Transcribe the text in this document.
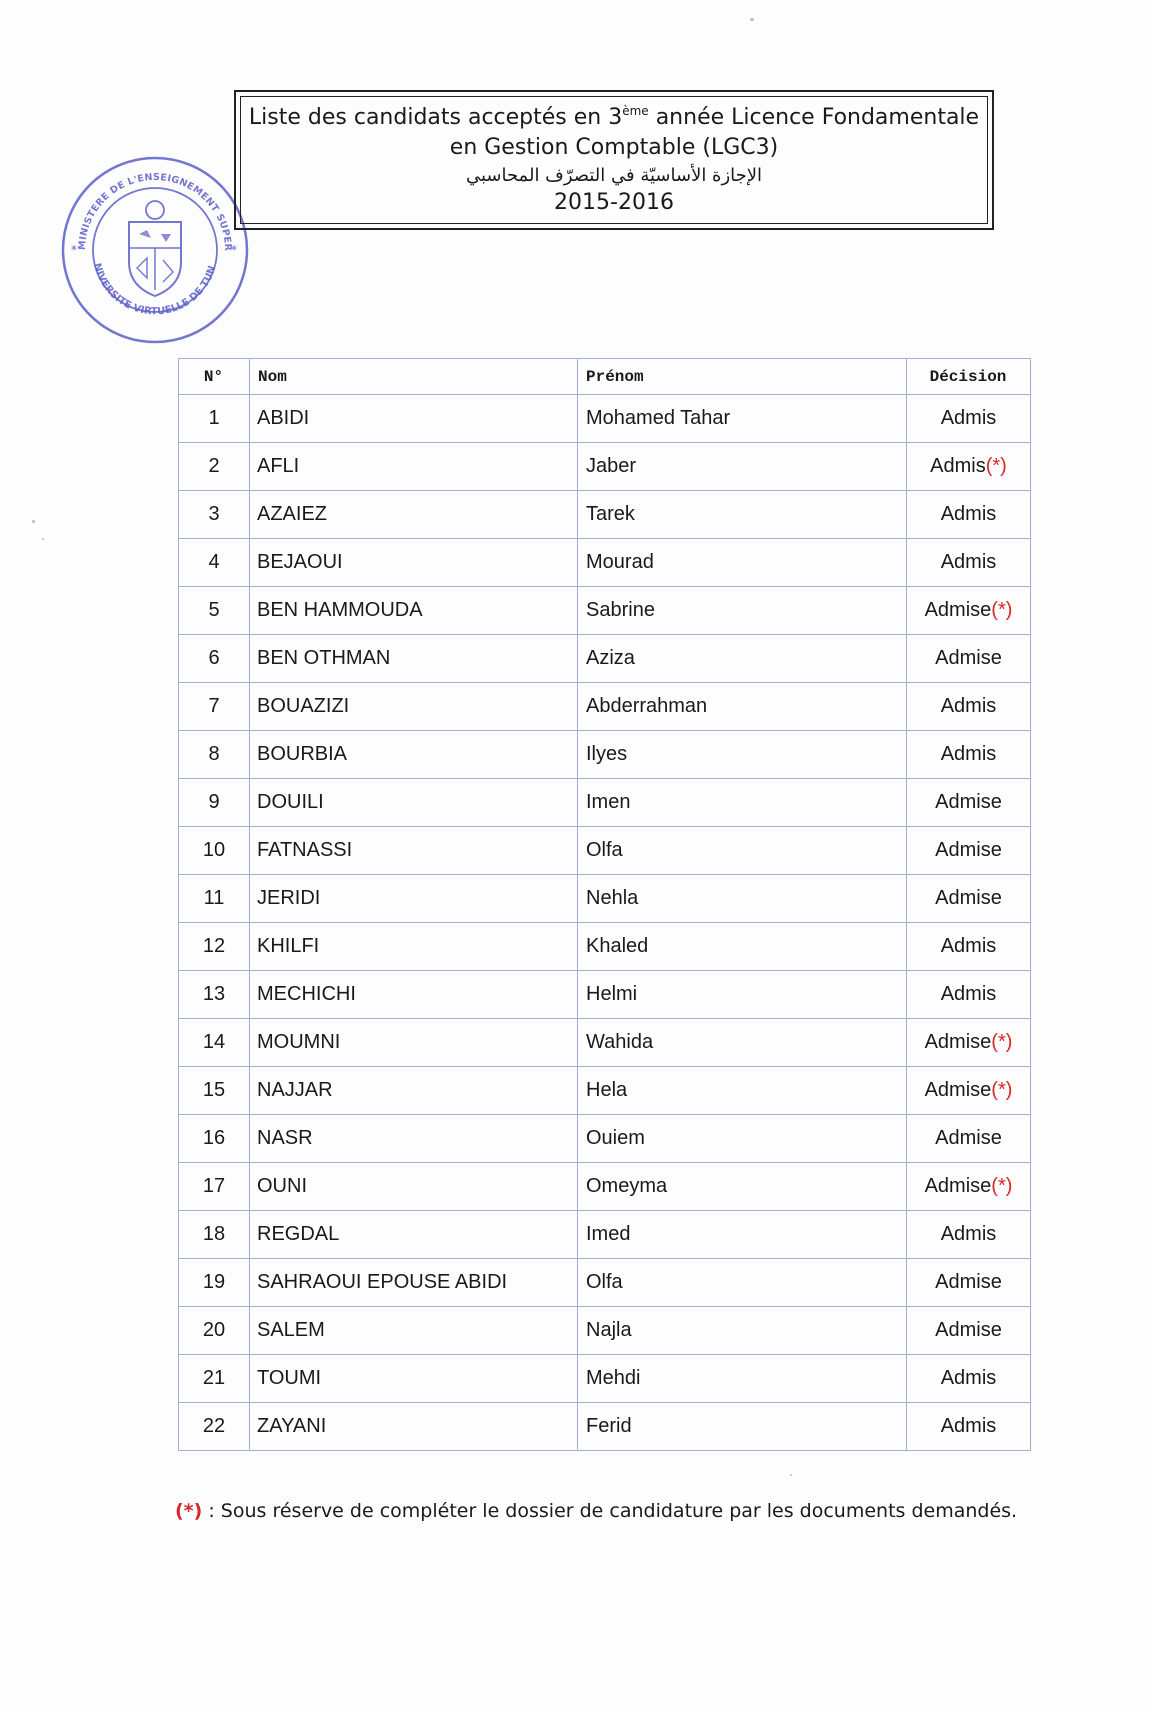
MINISTERE DE L'ENSEIGNEMENT SUPER
NIVERSITE VIRTUELLE DE TUN
*	*
Liste des candidats acceptés en 3ème année Licence Fondamentale
en Gestion Comptable (LGC3)
الإجازة الأساسيّة في التصرّف المحاسبي
2015-2016
N°	Nom	Prénom	Décision
1	ABIDI	Mohamed Tahar	Admis
2	AFLI	Jaber	Admis(*)
3	AZAIEZ	Tarek	Admis
4	BEJAOUI	Mourad	Admis
5	BEN HAMMOUDA	Sabrine	Admise(*)
6	BEN OTHMAN	Aziza	Admise
7	BOUAZIZI	Abderrahman	Admis
8	BOURBIA	Ilyes	Admis
9	DOUILI	Imen	Admise
10	FATNASSI	Olfa	Admise
11	JERIDI	Nehla	Admise
12	KHILFI	Khaled	Admis
13	MECHICHI	Helmi	Admis
14	MOUMNI	Wahida	Admise(*)
15	NAJJAR	Hela	Admise(*)
16	NASR	Ouiem	Admise
17	OUNI	Omeyma	Admise(*)
18	REGDAL	Imed	Admis
19	SAHRAOUI EPOUSE ABIDI	Olfa	Admise
20	SALEM	Najla	Admise
21	TOUMI	Mehdi	Admis
22	ZAYANI	Ferid	Admis
(*) : Sous réserve de compléter le dossier de candidature par les documents demandés.
